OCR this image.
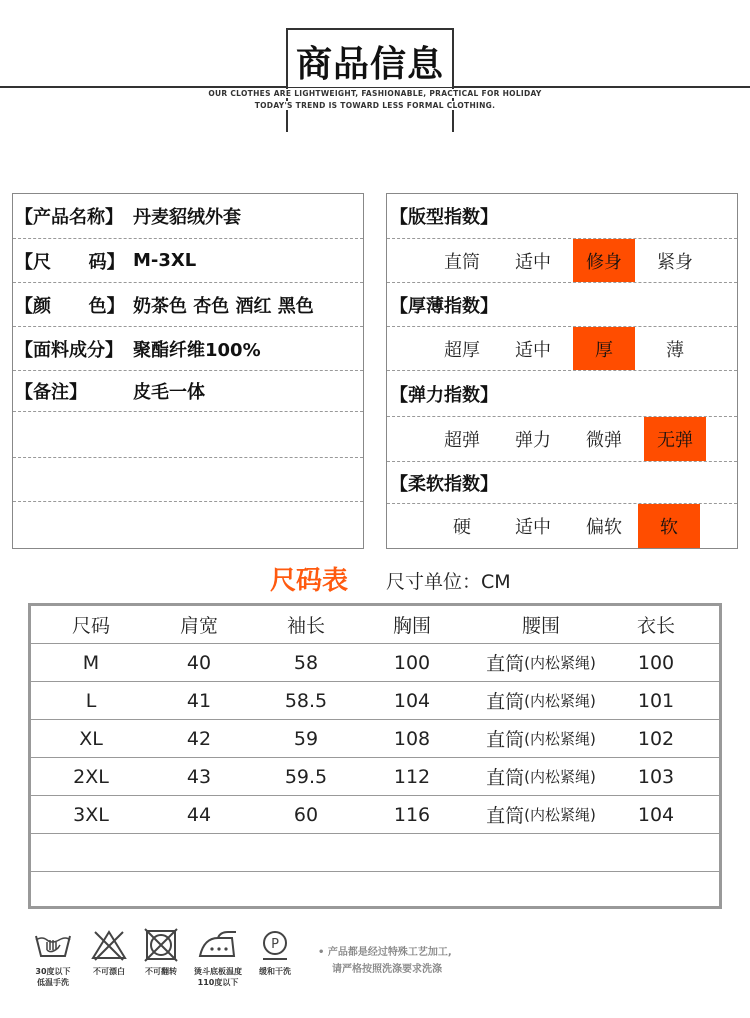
商品信息
OUR CLOTHES ARE LIGHTWEIGHT, FASHIONABLE, PRACTICAL FOR HOLIDAY
TODAY'S TREND IS TOWARD LESS FORMAL CLOTHING.
【产品名称】 丹麦貂绒外套
【尺      码】 M-3XL
【颜      色】 奶茶色 杏色 酒红 黑色
【面料成分】 聚酯纤维100%
【备注】	皮毛一体
【版型指数】
直筒	适中	修身	紧身
【厚薄指数】
超厚	适中	厚	薄
【弹力指数】
超弹	弹力	微弹	无弹
【柔软指数】
硬	适中	偏软	软
尺码表 尺寸单位：CM
尺码	肩宽	袖长	胸围	腰围	衣长
M	40	58	100	直筒 (内松紧绳)	100
L	41	58.5	104	直筒 (内松紧绳)	101
XL	42	59	108	直筒 (内松紧绳)	102
2XL	43	59.5	112	直筒 (内松紧绳)	103
3XL	44	60	116	直筒 (内松紧绳)	104
30度以下
低温手洗
不可漂白	不可翻转	烫斗底板温度
110度以下
P
缓和干洗
• 产品都是经过特殊工艺加工,
请严格按照洗涤要求洗涤
